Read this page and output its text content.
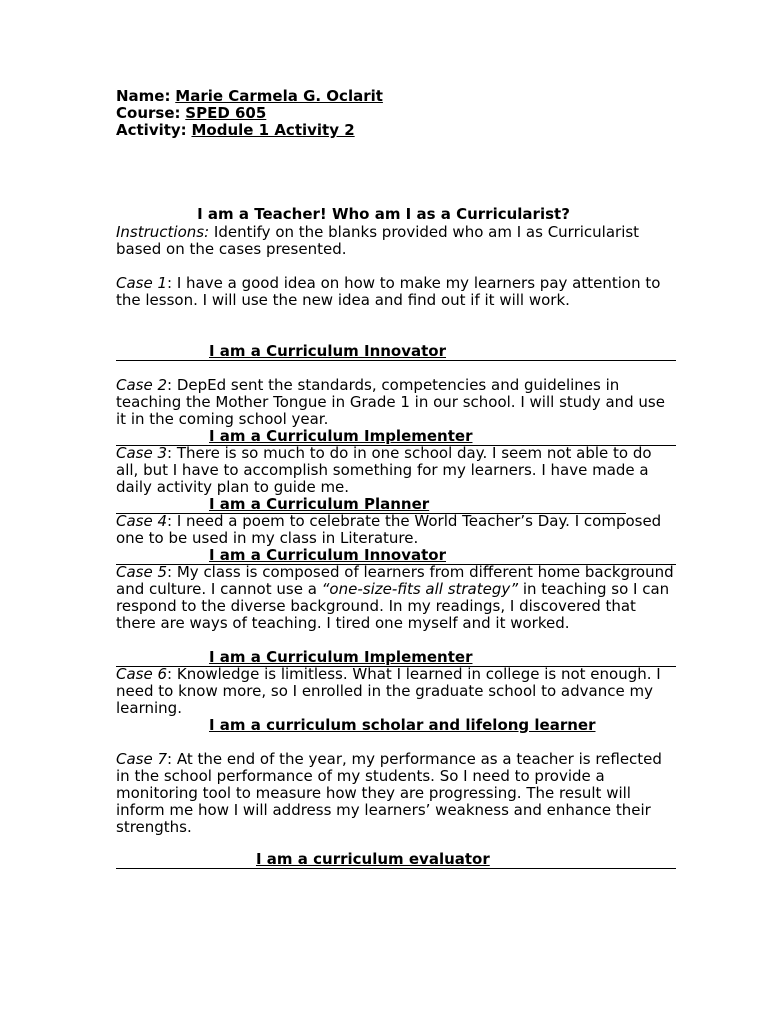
Name: Marie Carmela G. Oclarit
Course: SPED 605
Activity: Module 1 Activity 2
I am a Teacher! Who am I as a Curricularist?

Instructions: Identify on the blanks provided who am I as Curricularist based on the cases presented.

Case 1: I have a good idea on how to make my learners pay attention to the lesson. I will use the new idea and find out if it will work.

I am a Curriculum Innovator

Case 2: DepEd sent the standards, competencies and guidelines in teaching the Mother Tongue in Grade 1 in our school. I will study and use it in the coming school year.

I am a Curriculum Implementer

Case 3: There is so much to do in one school day. I seem not able to do all, but I have to accomplish something for my learners. I have made a daily activity plan to guide me.

I am a Curriculum Planner

Case 4: I need a poem to celebrate the World Teacher’s Day. I composed one to be used in my class in Literature.

I am a Curriculum Innovator

Case 5: My class is composed of learners from different home background and culture. I cannot use a “one-size-fits all strategy” in teaching so I can respond to the diverse background. In my readings, I discovered that there are ways of teaching. I tired one myself and it worked.

I am a Curriculum Implementer

Case 6: Knowledge is limitless. What I learned in college is not enough. I need to know more, so I enrolled in the graduate school to advance my learning.

I am a curriculum scholar and lifelong learner

Case 7: At the end of the year, my performance as a teacher is reflected in the school performance of my students. So I need to provide a monitoring tool to measure how they are progressing. The result will inform me how I will address my learners’ weakness and enhance their strengths.

I am a curriculum evaluator
